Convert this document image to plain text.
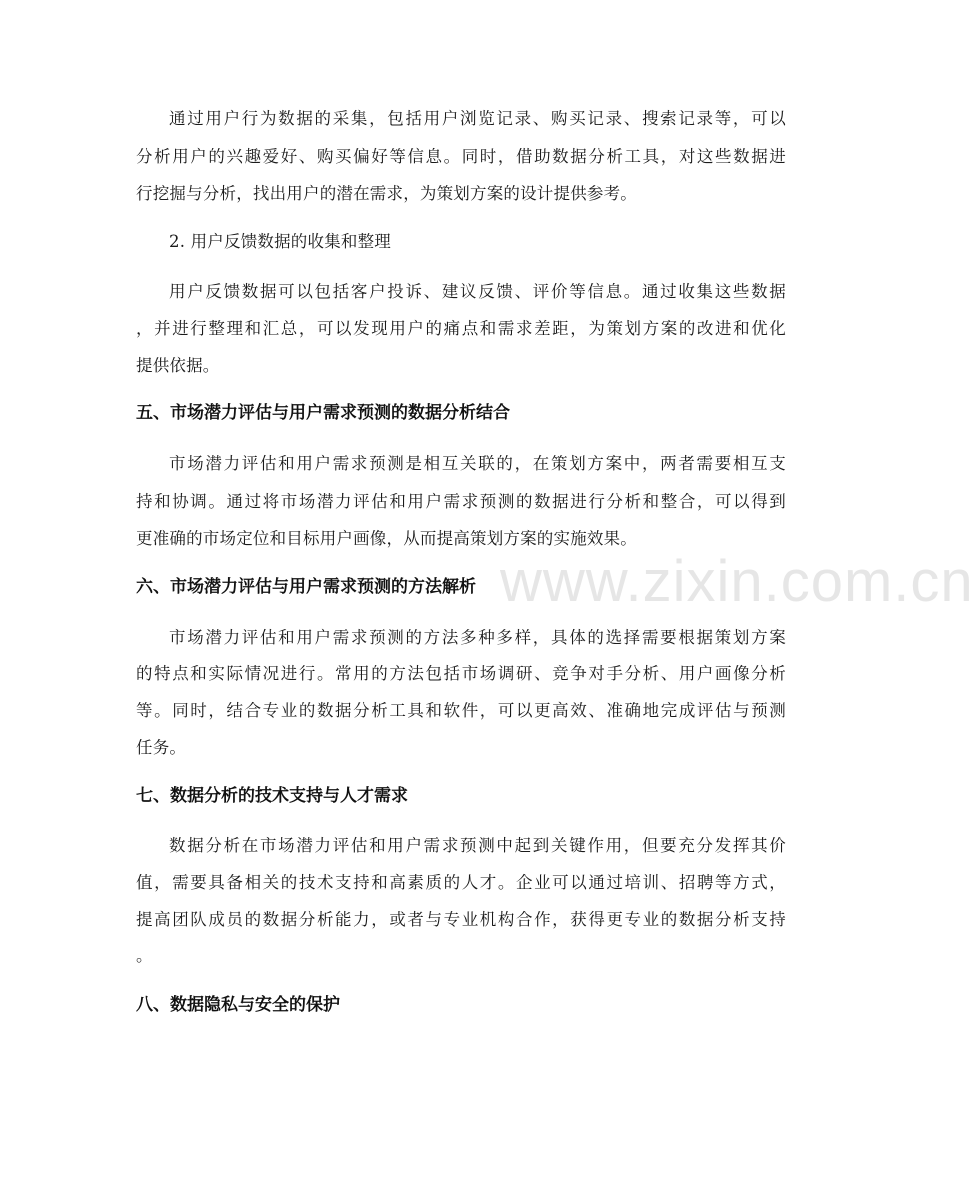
www.zixin.com.cn
通过用户行为数据的采集，包括用户浏览记录、购买记录、搜索记录等，可以
分析用户的兴趣爱好、购买偏好等信息。同时，借助数据分析工具，对这些数据进
行挖掘与分析，找出用户的潜在需求，为策划方案的设计提供参考。
2. 用户反馈数据的收集和整理
用户反馈数据可以包括客户投诉、建议反馈、评价等信息。通过收集这些数据
，并进行整理和汇总，可以发现用户的痛点和需求差距，为策划方案的改进和优化
提供依据。
五、市场潜力评估与用户需求预测的数据分析结合
市场潜力评估和用户需求预测是相互关联的，在策划方案中，两者需要相互支
持和协调。通过将市场潜力评估和用户需求预测的数据进行分析和整合，可以得到
更准确的市场定位和目标用户画像，从而提高策划方案的实施效果。
六、市场潜力评估与用户需求预测的方法解析
市场潜力评估和用户需求预测的方法多种多样，具体的选择需要根据策划方案
的特点和实际情况进行。常用的方法包括市场调研、竞争对手分析、用户画像分析
等。同时，结合专业的数据分析工具和软件，可以更高效、准确地完成评估与预测
任务。
七、数据分析的技术支持与人才需求
数据分析在市场潜力评估和用户需求预测中起到关键作用，但要充分发挥其价
值，需要具备相关的技术支持和高素质的人才。企业可以通过培训、招聘等方式，
提高团队成员的数据分析能力，或者与专业机构合作，获得更专业的数据分析支持
。
八、数据隐私与安全的保护
